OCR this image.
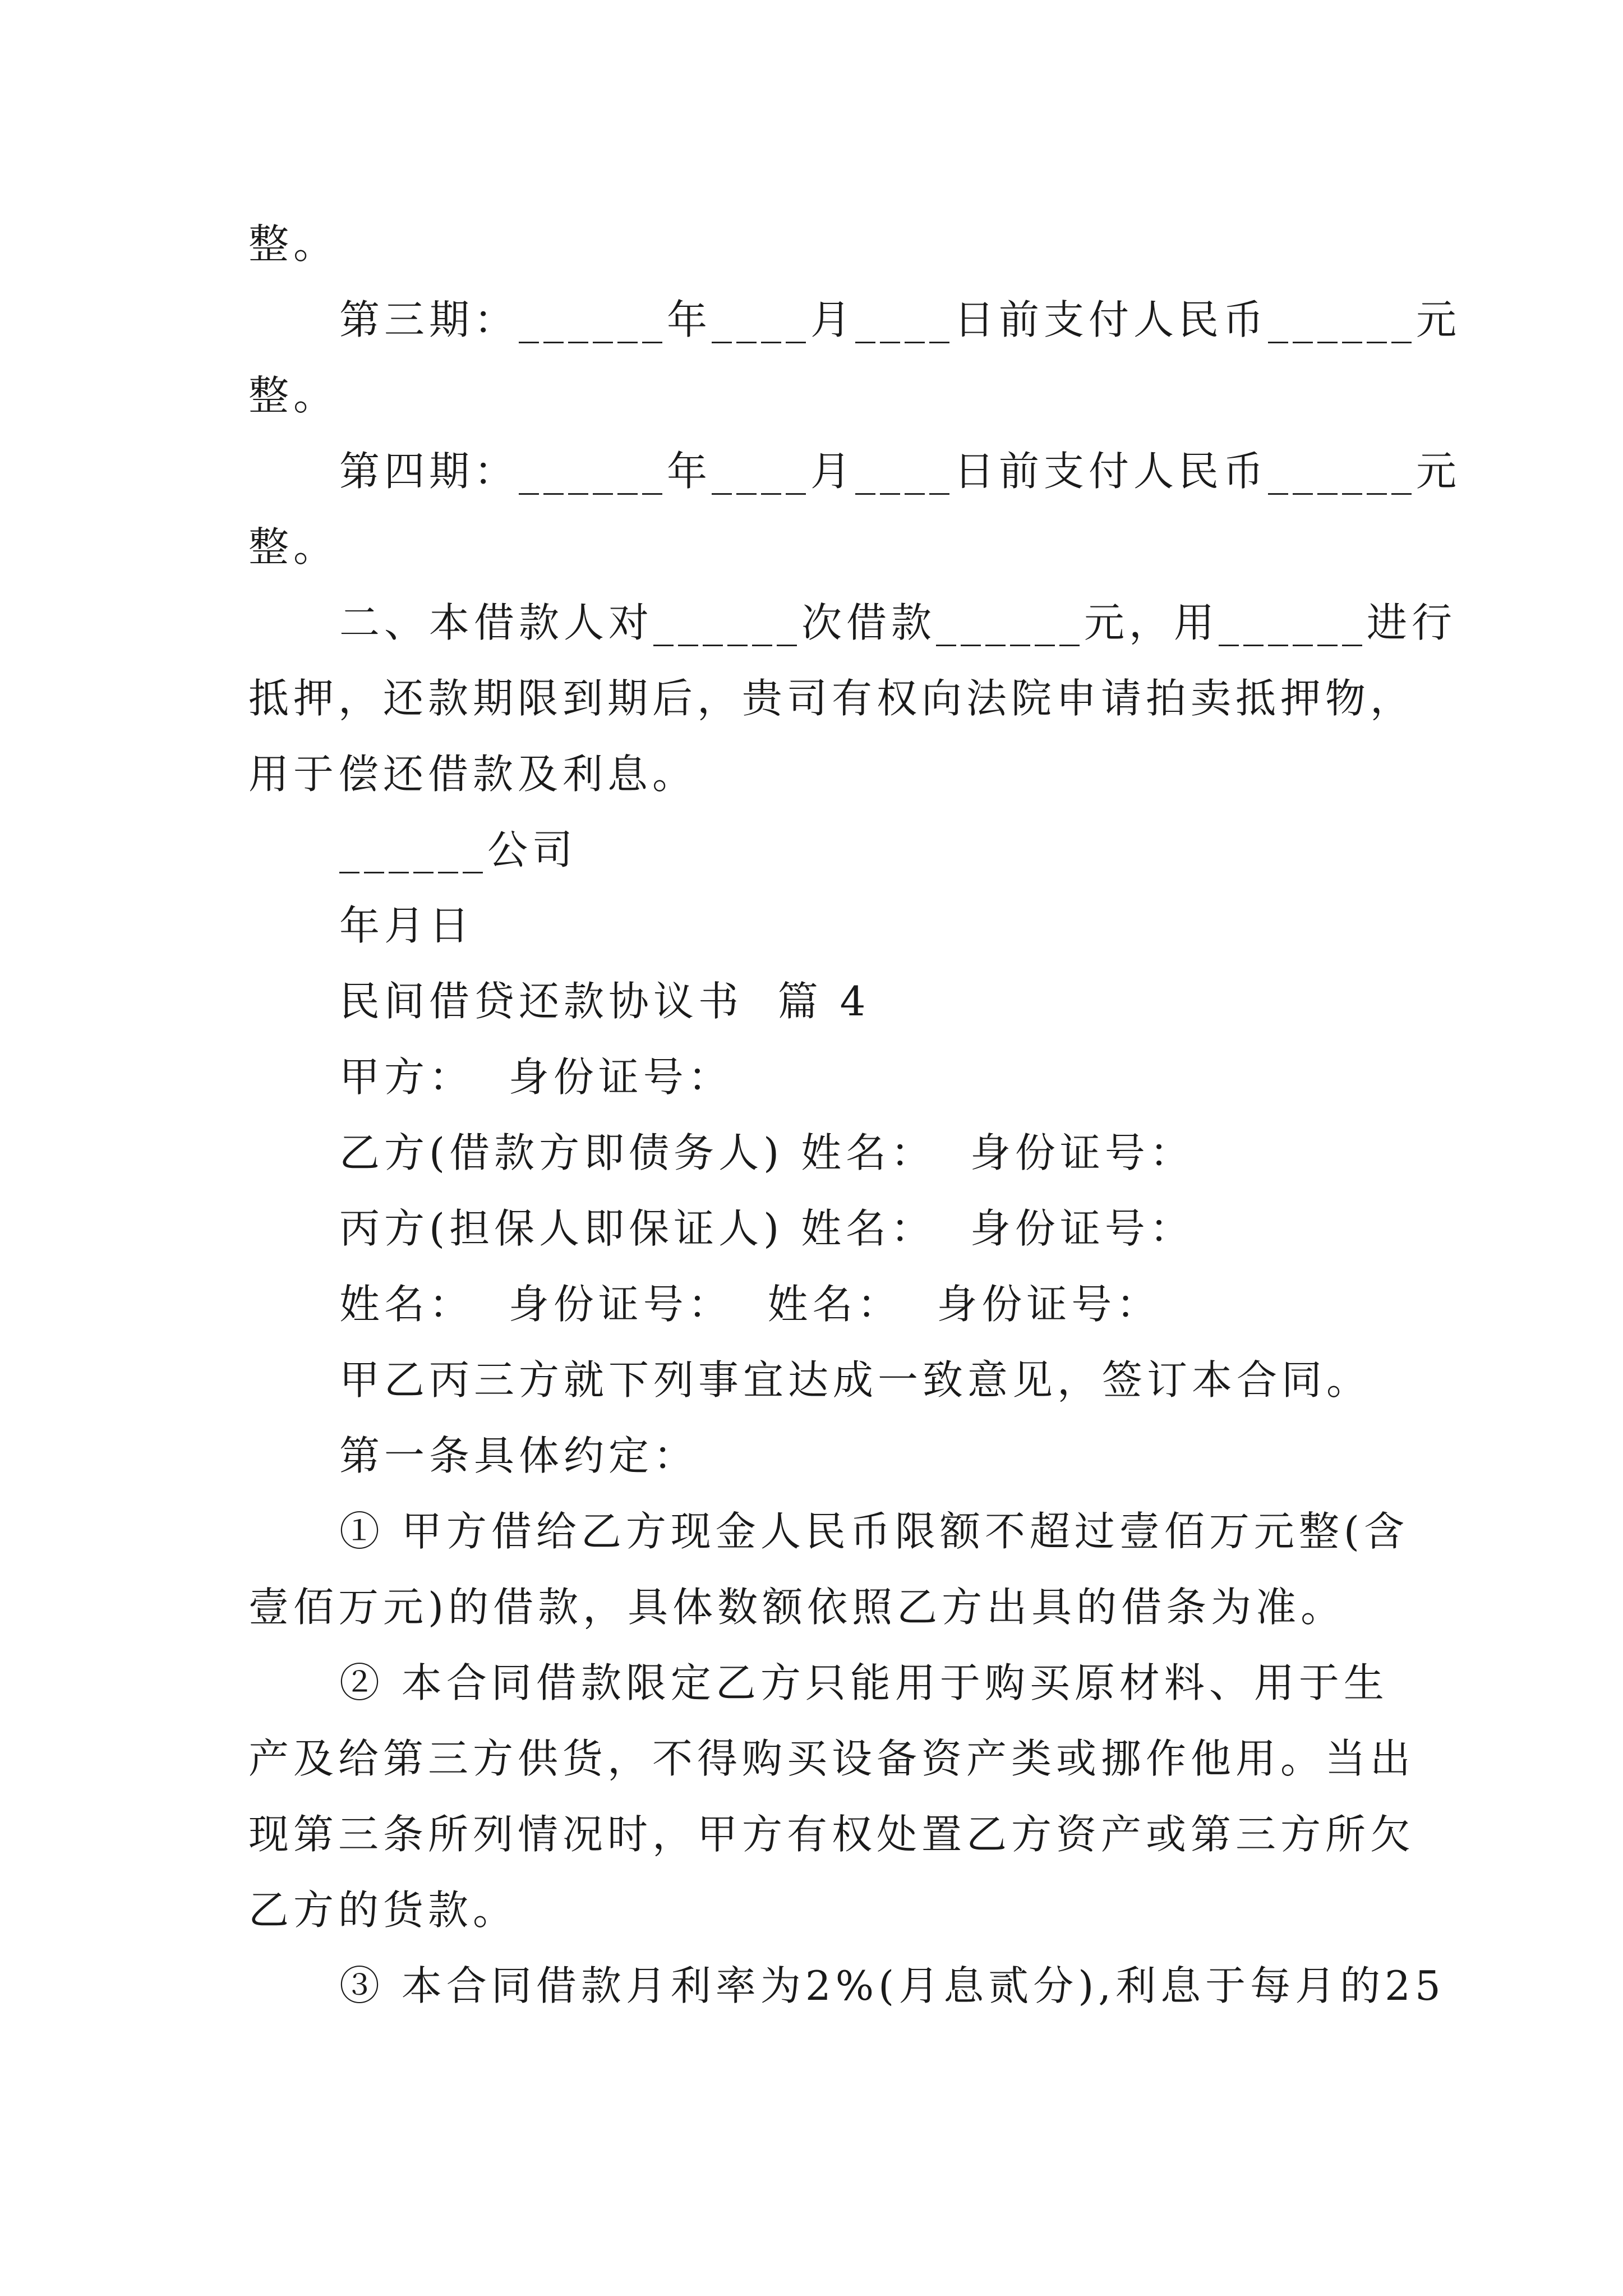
整。
第三期：______年____月____日前支付人民币______元
整。
第四期：______年____月____日前支付人民币______元
整。
二、本借款人对______次借款______元，用______进行
抵押，还款期限到期后，贵司有权向法院申请拍卖抵押物，
用于偿还借款及利息。
______公司
年月日
民间借贷还款协议书  篇 4
甲方：  身份证号：
乙方(借款方即债务人) 姓名：  身份证号：
丙方(担保人即保证人) 姓名：  身份证号：
姓名：  身份证号：  姓名：  身份证号：
甲乙丙三方就下列事宜达成一致意见，签订本合同。
第一条具体约定：
① 甲方借给乙方现金人民币限额不超过壹佰万元整(含
壹佰万元)的借款，具体数额依照乙方出具的借条为准。
② 本合同借款限定乙方只能用于购买原材料、用于生
产及给第三方供货，不得购买设备资产类或挪作他用。当出
现第三条所列情况时，甲方有权处置乙方资产或第三方所欠
乙方的货款。
③ 本合同借款月利率为2%(月息贰分),利息于每月的25
